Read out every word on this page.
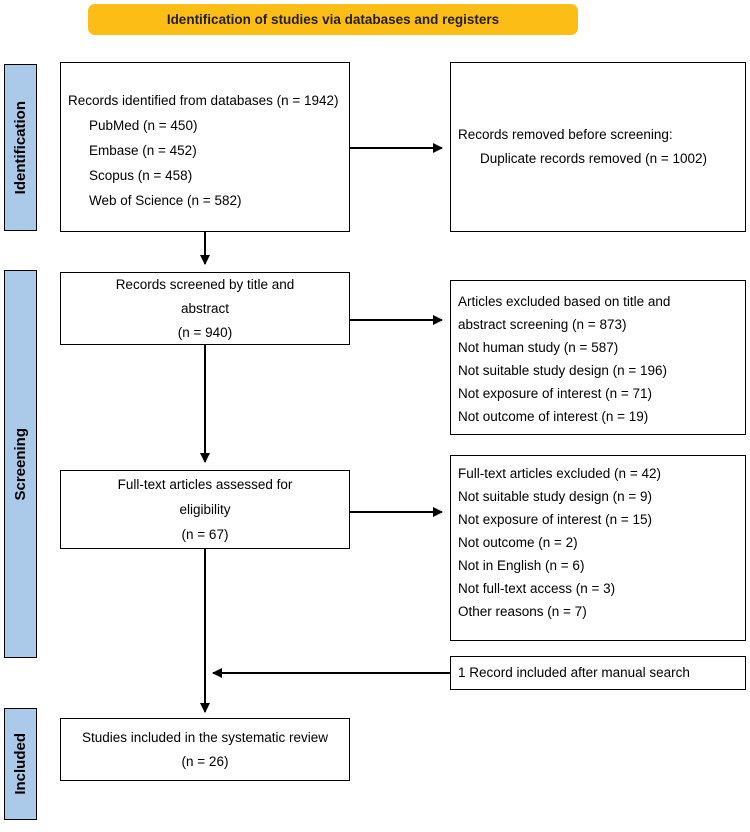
Identification of studies via databases and registers
Identification
Screening
Included
Records identified from databases (n = 1942)
PubMed (n = 450)
Embase (n = 452)
Scopus (n = 458)
Web of Science (n = 582)
Records removed before screening:
Duplicate records removed (n = 1002)
Records screened by title and
abstract
(n = 940)
Articles excluded based on title and
abstract screening (n = 873)
Not human study (n = 587)
Not suitable study design (n = 196)
Not exposure of interest (n = 71)
Not outcome of interest (n = 19)
Full-text articles assessed for
eligibility
(n = 67)
Full-text articles excluded (n = 42)
Not suitable study design (n = 9)
Not exposure of interest (n = 15)
Not outcome (n = 2)
Not in English (n = 6)
Not full-text access (n = 3)
Other reasons (n = 7)
1 Record included after manual search
Studies included in the systematic review
(n = 26)
